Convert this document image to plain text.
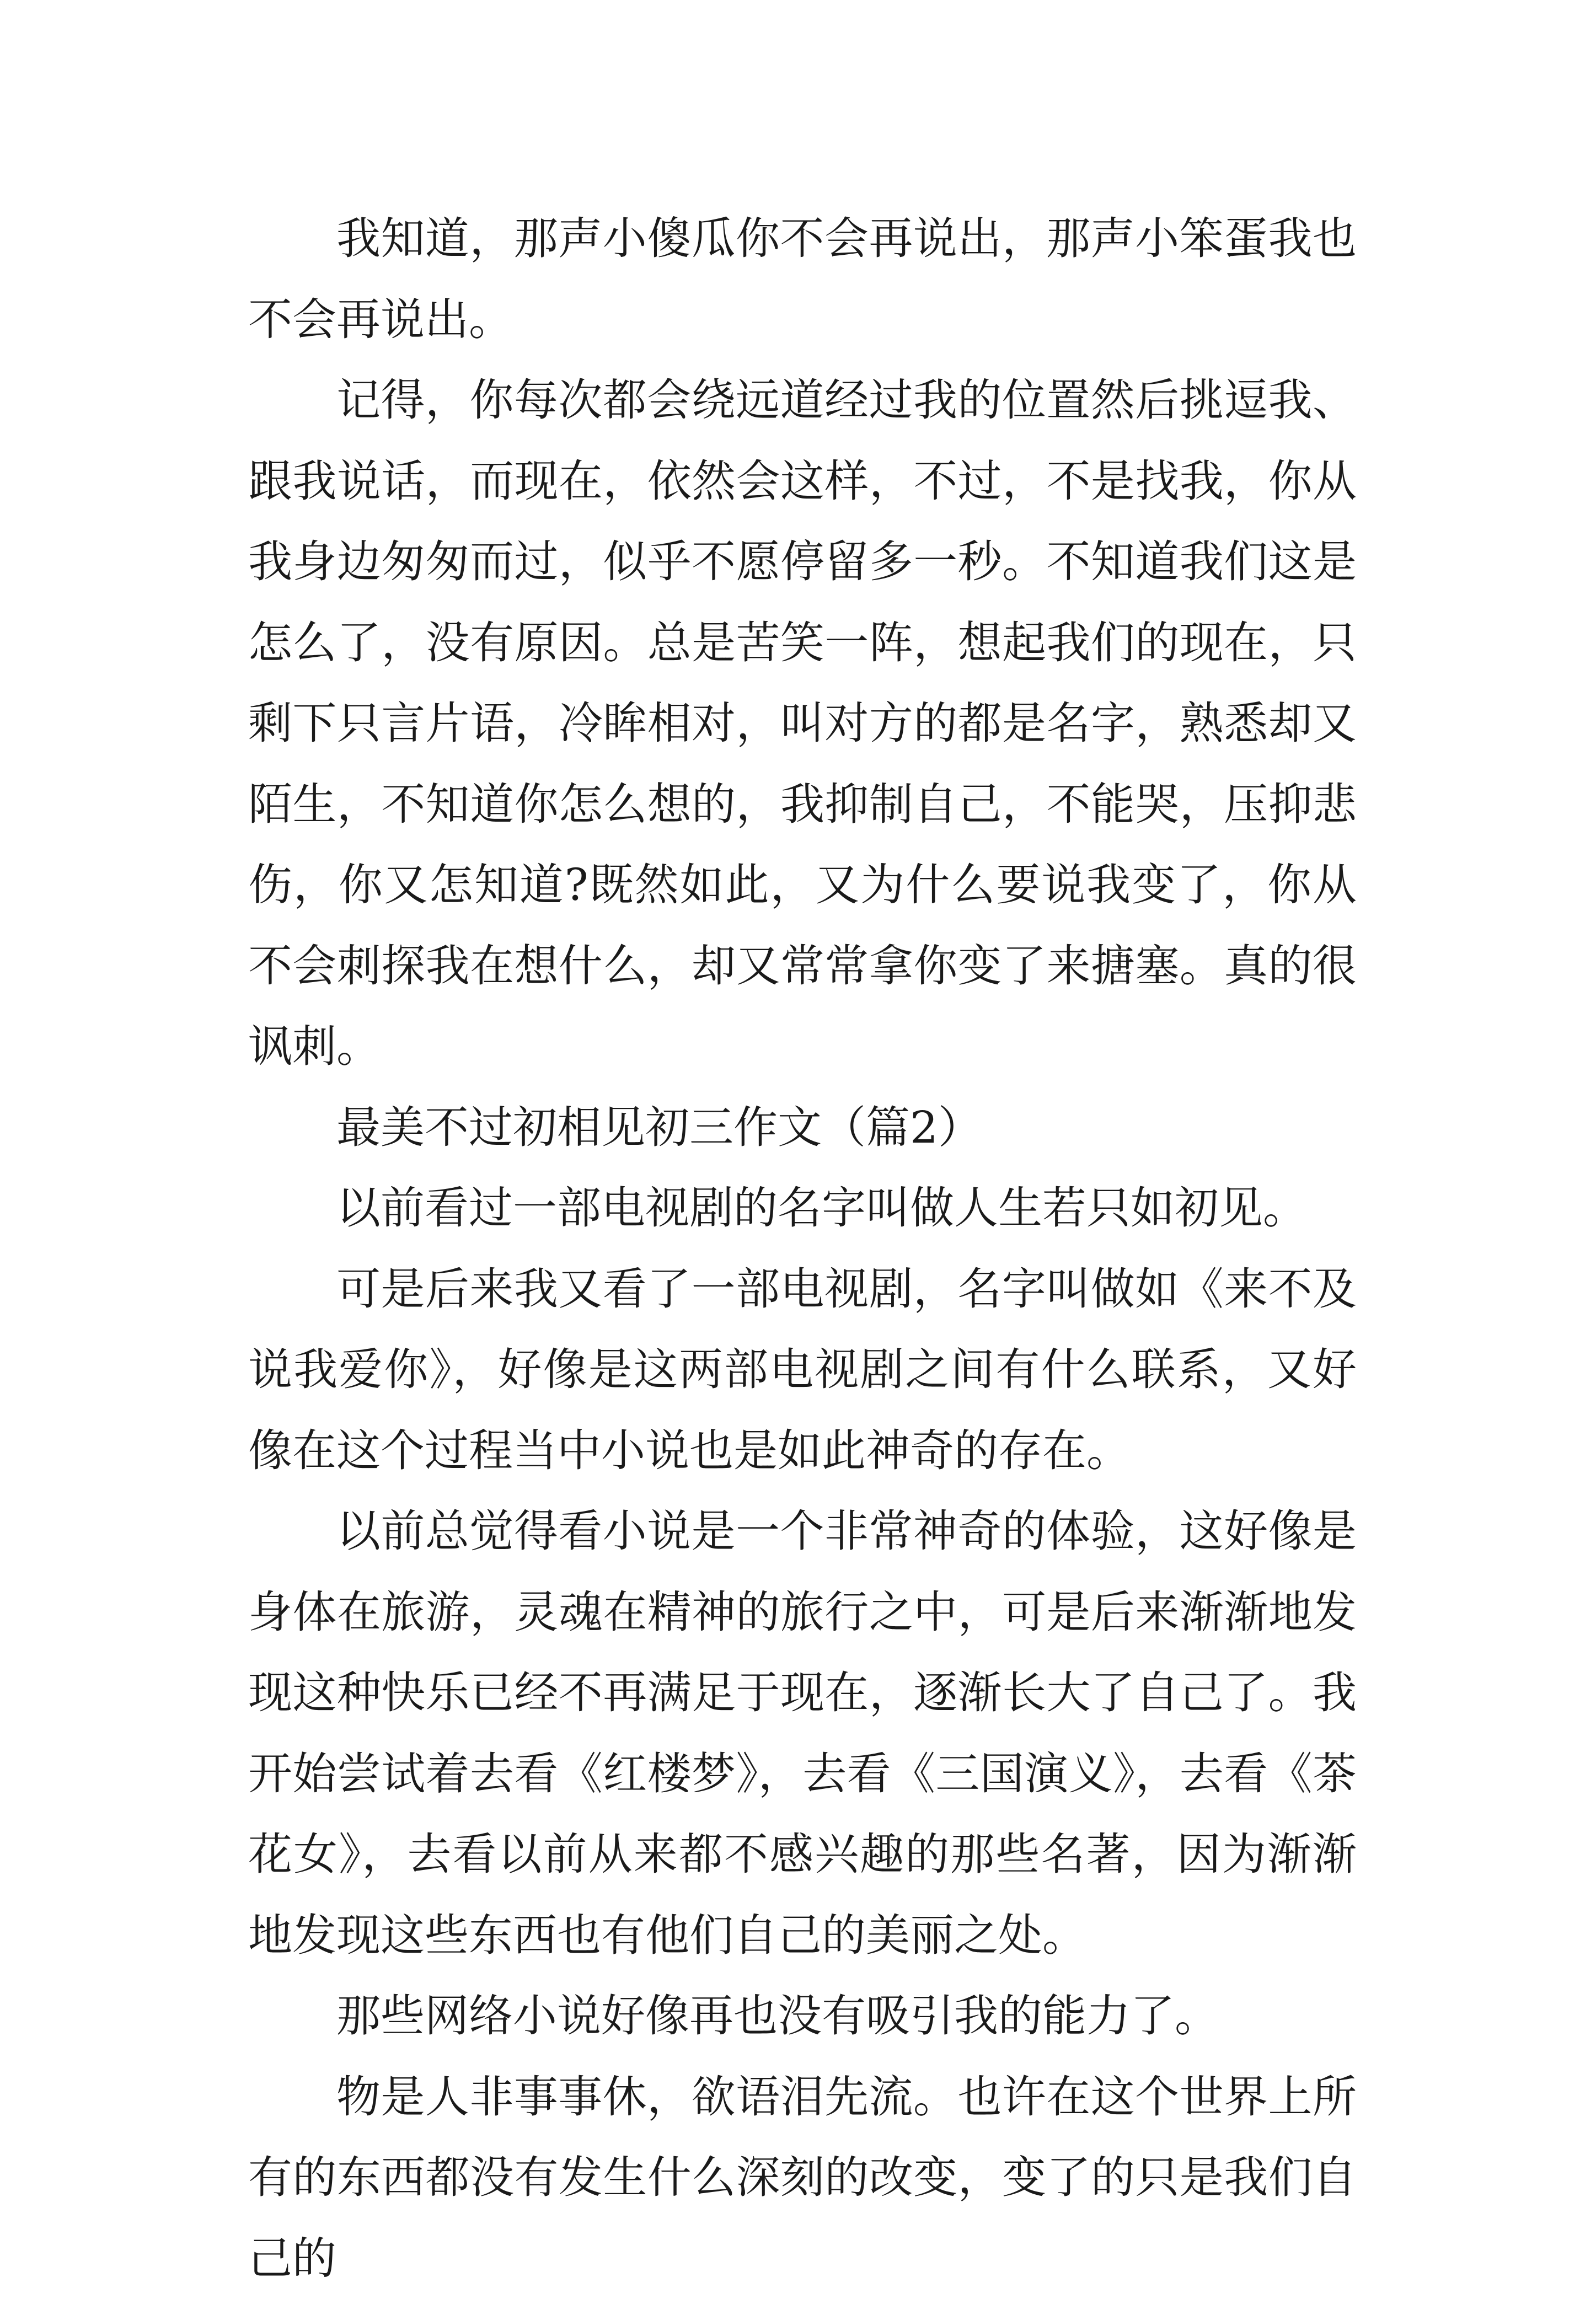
我知道，那声小傻瓜你不会再说出，那声小笨蛋我也不会再说出。

记得，你每次都会绕远道经过我的位置然后挑逗我、跟我说话，而现在，依然会这样，不过，不是找我，你从我身边匆匆而过，似乎不愿停留多一秒。不知道我们这是怎么了，没有原因。总是苦笑一阵，想起我们的现在，只剩下只言片语，冷眸相对，叫对方的都是名字，熟悉却又陌生，不知道你怎么想的，我抑制自己，不能哭，压抑悲伤，你又怎知道?既然如此，又为什么要说我变了，你从不会刺探我在想什么，却又常常拿你变了来搪塞。真的很讽刺。

最美不过初相见初三作文（篇2）

以前看过一部电视剧的名字叫做人生若只如初见。

可是后来我又看了一部电视剧，名字叫做如《来不及说我爱你》，好像是这两部电视剧之间有什么联系，又好像在这个过程当中小说也是如此神奇的存在。

以前总觉得看小说是一个非常神奇的体验，这好像是身体在旅游，灵魂在精神的旅行之中，可是后来渐渐地发现这种快乐已经不再满足于现在，逐渐长大了自己了。我开始尝试着去看《红楼梦》，去看《三国演义》，去看《茶花女》，去看以前从来都不感兴趣的那些名著，因为渐渐地发现这些东西也有他们自己的美丽之处。

那些网络小说好像再也没有吸引我的能力了。

物是人非事事休，欲语泪先流。也许在这个世界上所有的东西都没有发生什么深刻的改变，变了的只是我们自己的
